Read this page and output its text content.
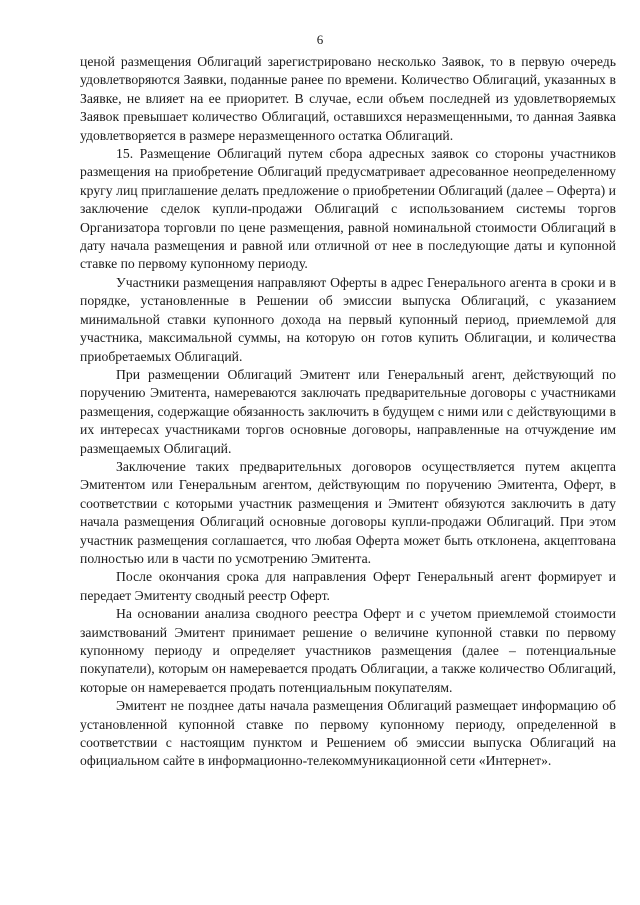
6

ценой размещения Облигаций зарегистрировано несколько Заявок, то в первую очередь удовлетворяются Заявки, поданные ранее по времени. Количество Облигаций, указанных в Заявке, не влияет на ее приоритет. В случае, если объем последней из удовлетворяемых Заявок превышает количество Облигаций, оставшихся неразмещенными, то данная Заявка удовлетворяется в размере неразмещенного остатка Облигаций.

15. Размещение Облигаций путем сбора адресных заявок со стороны участников размещения на приобретение Облигаций предусматривает адресованное неопределенному кругу лиц приглашение делать предложение о приобретении Облигаций (далее – Оферта) и заключение сделок купли-продажи Облигаций с использованием системы торгов Организатора торговли по цене размещения, равной номинальной стоимости Облигаций в дату начала размещения и равной или отличной от нее в последующие даты и купонной ставке по первому купонному периоду.

Участники размещения направляют Оферты в адрес Генерального агента в сроки и в порядке, установленные в Решении об эмиссии выпуска Облигаций, с указанием минимальной ставки купонного дохода на первый купонный период, приемлемой для участника, максимальной суммы, на которую он готов купить Облигации, и количества приобретаемых Облигаций.

При размещении Облигаций Эмитент или Генеральный агент, действующий по поручению Эмитента, намереваются заключать предварительные договоры с участниками размещения, содержащие обязанность заключить в будущем с ними или с действующими в их интересах участниками торгов основные договоры, направленные на отчуждение им размещаемых Облигаций.

Заключение таких предварительных договоров осуществляется путем акцепта Эмитентом или Генеральным агентом, действующим по поручению Эмитента, Оферт, в соответствии с которыми участник размещения и Эмитент обязуются заключить в дату начала размещения Облигаций основные договоры купли-продажи Облигаций. При этом участник размещения соглашается, что любая Оферта может быть отклонена, акцептована полностью или в части по усмотрению Эмитента.

После окончания срока для направления Оферт Генеральный агент формирует и передает Эмитенту сводный реестр Оферт.

На основании анализа сводного реестра Оферт и с учетом приемлемой стоимости заимствований Эмитент принимает решение о величине купонной ставки по первому купонному периоду и определяет участников размещения (далее – потенциальные покупатели), которым он намеревается продать Облигации, а также количество Облигаций, которые он намеревается продать потенциальным покупателям.

Эмитент не позднее даты начала размещения Облигаций размещает информацию об установленной купонной ставке по первому купонному периоду, определенной в соответствии с настоящим пунктом и Решением об эмиссии выпуска Облигаций на официальном сайте в информационно-телекоммуникационной сети «Интернет».
